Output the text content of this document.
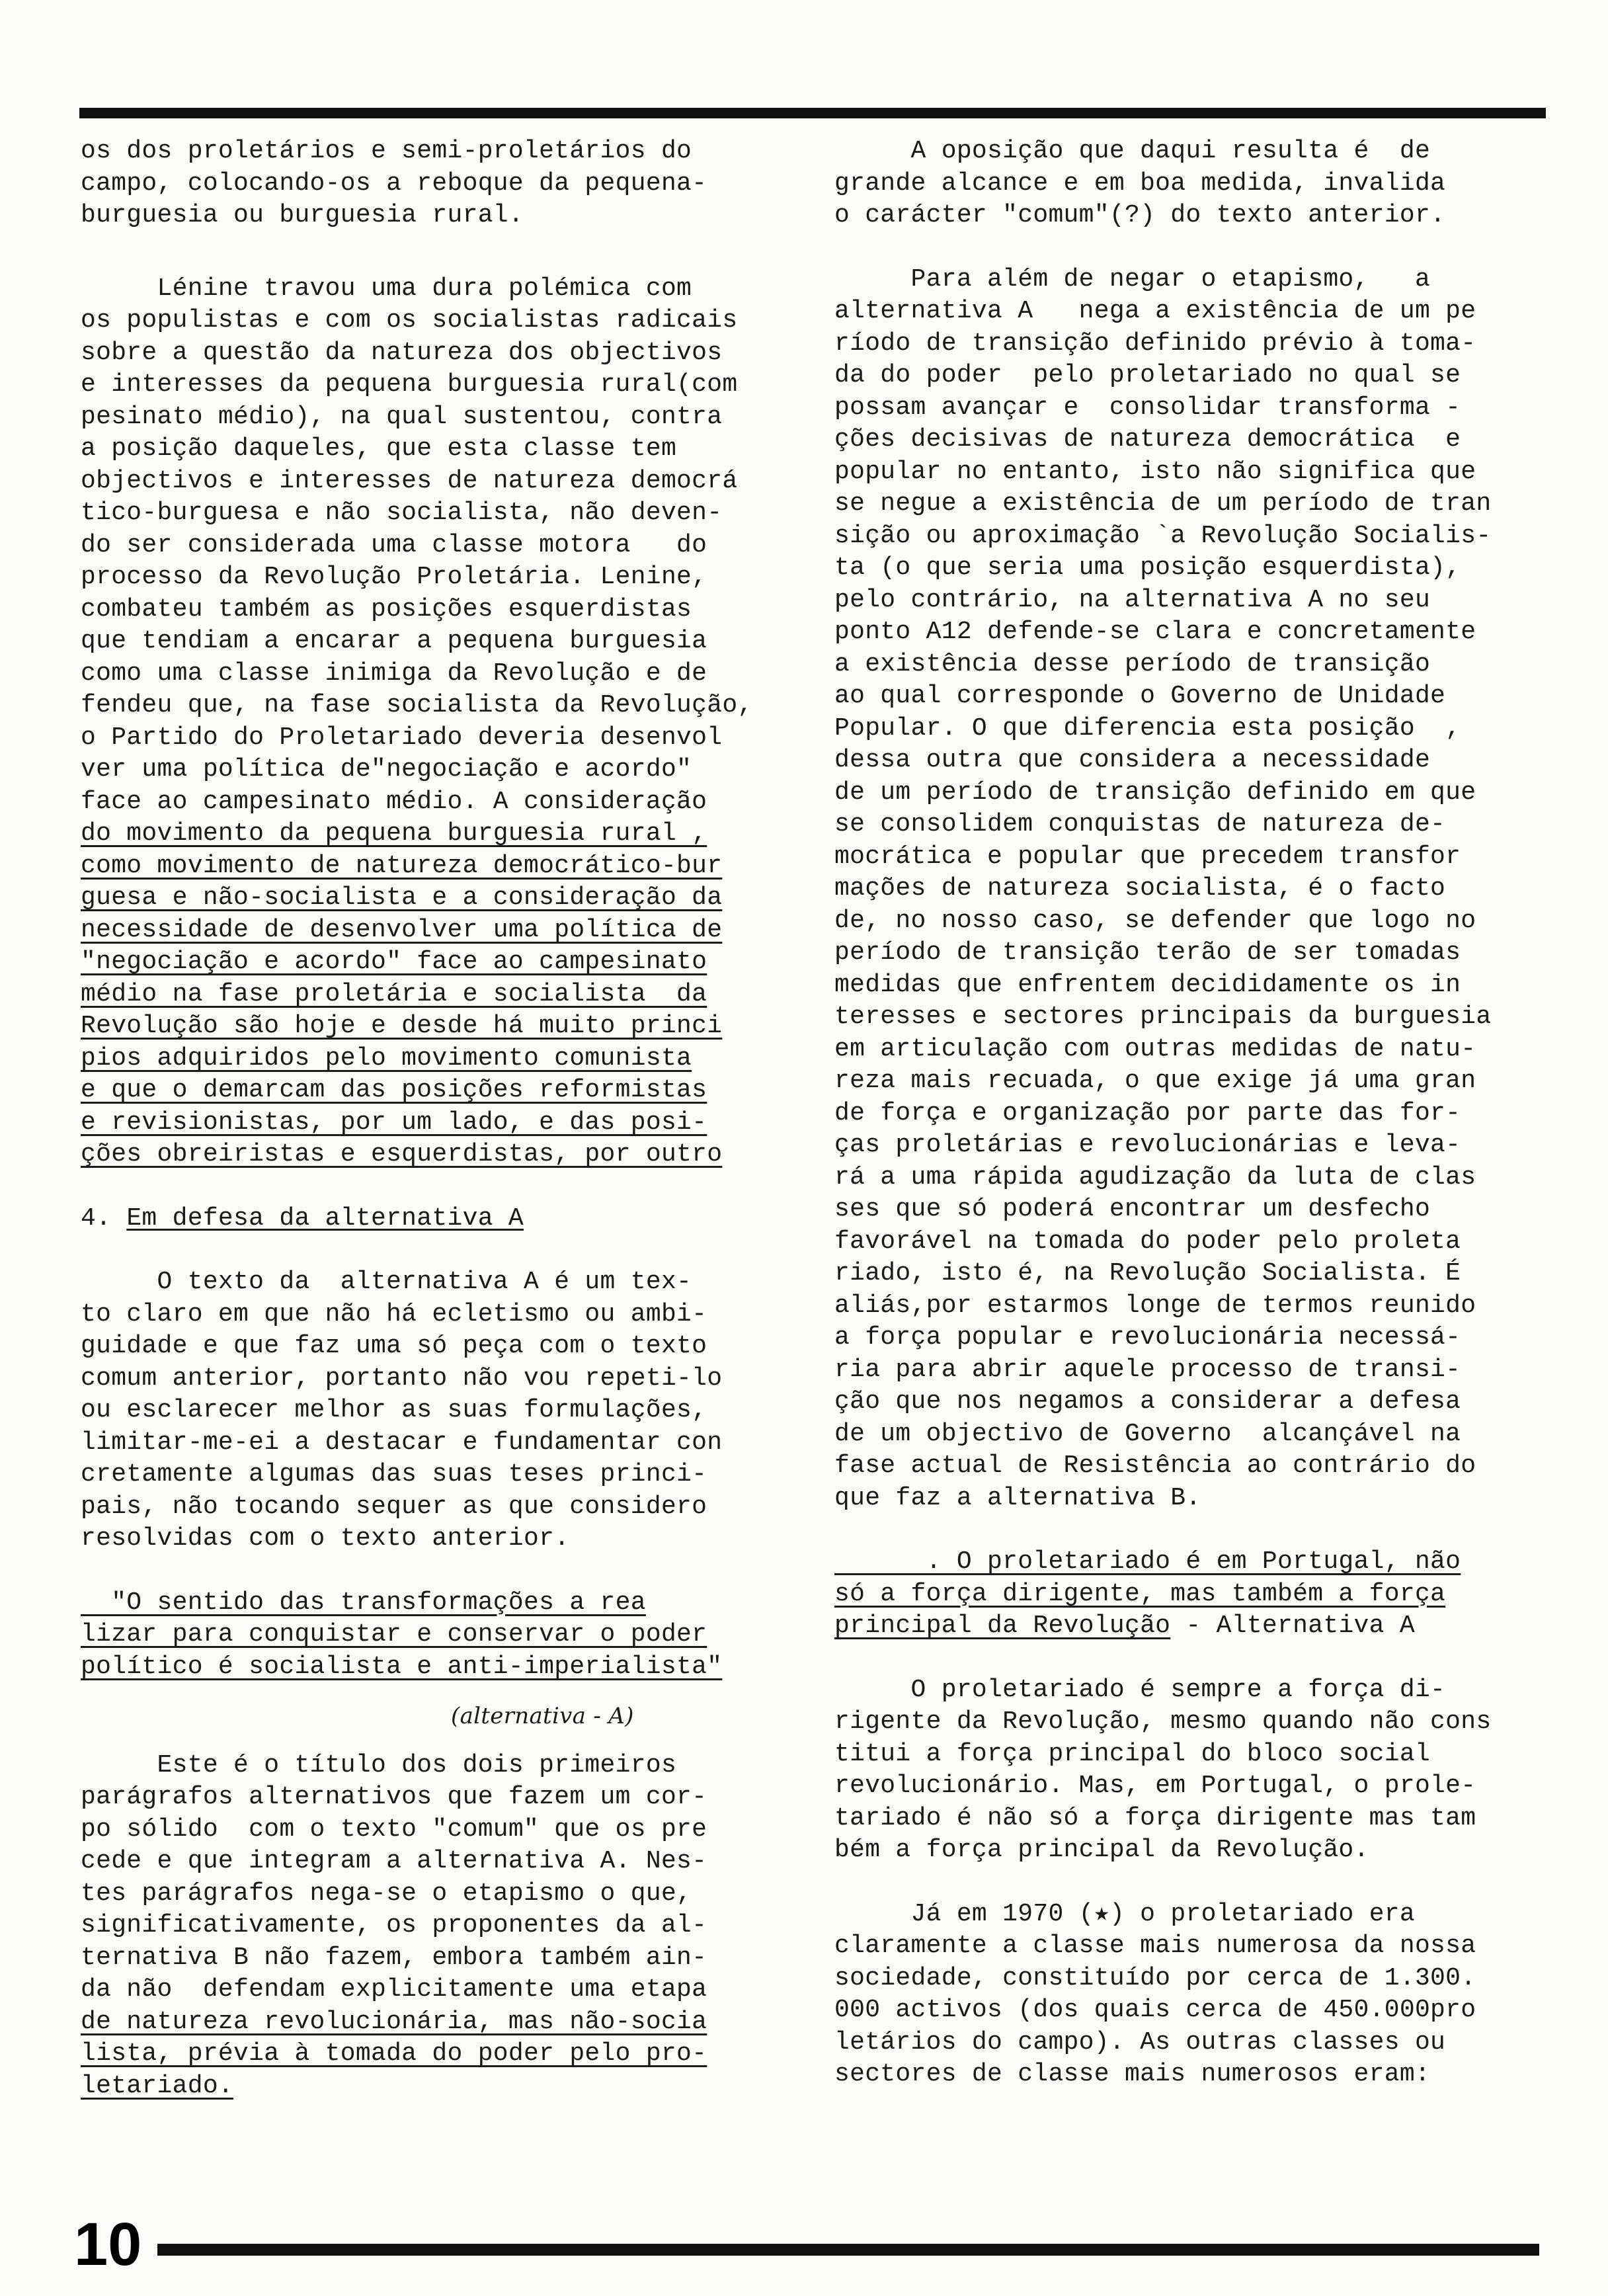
os dos proletários e semi-proletários do
campo, colocando-os a reboque da pequena-
burguesia ou burguesia rural.
Lénine travou uma dura polémica com
os populistas e com os socialistas radicais
sobre a questão da natureza dos objectivos
e interesses da pequena burguesia rural(com
pesinato médio), na qual sustentou, contra
a posição daqueles, que esta classe tem
objectivos e interesses de natureza democrá
tico-burguesa e não socialista, não deven-
do ser considerada uma classe motora   do
processo da Revolução Proletária. Lenine,
combateu também as posições esquerdistas
que tendiam a encarar a pequena burguesia
como uma classe inimiga da Revolução e de
fendeu que, na fase socialista da Revolução,
o Partido do Proletariado deveria desenvol
ver uma política de"negociação e acordo"
face ao campesinato médio. A consideração
do movimento da pequena burguesia rural ,
como movimento de natureza democrático-bur
guesa e não-socialista e a consideração da
necessidade de desenvolver uma política de
"negociação e acordo" face ao campesinato
médio na fase proletária e socialista  da
Revolução são hoje e desde há muito princi
pios adquiridos pelo movimento comunista
e que o demarcam das posições reformistas
e revisionistas, por um lado, e das posi-
ções obreiristas e esquerdistas, por outro
4. Em defesa da alternativa A
O texto da  alternativa A é um tex-
to claro em que não há ecletismo ou ambi-
guidade e que faz uma só peça com o texto
comum anterior, portanto não vou repeti-lo
ou esclarecer melhor as suas formulações,
limitar-me-ei a destacar e fundamentar con
cretamente algumas das suas teses princi-
pais, não tocando sequer as que considero
resolvidas com o texto anterior.
"O sentido das transformações a rea
lizar para conquistar e conservar o poder
político é socialista e anti-imperialista"
(alternativa - A)
Este é o título dos dois primeiros
parágrafos alternativos que fazem um cor-
po sólido  com o texto "comum" que os pre
cede e que integram a alternativa A. Nes-
tes parágrafos nega-se o etapismo o que,
significativamente, os proponentes da al-
ternativa B não fazem, embora também ain-
da não  defendam explicitamente uma etapa
de natureza revolucionária, mas não-socia
lista, prévia à tomada do poder pelo pro-
letariado.
A oposição que daqui resulta é  de
grande alcance e em boa medida, invalida
o carácter "comum"(?) do texto anterior.
Para além de negar o etapismo,   a
alternativa A   nega a existência de um pe
ríodo de transição definido prévio à toma-
da do poder  pelo proletariado no qual se
possam avançar e  consolidar transforma -
ções decisivas de natureza democrática  e
popular no entanto, isto não significa que
se negue a existência de um período de tran
sição ou aproximação `a Revolução Socialis-
ta (o que seria uma posição esquerdista),
pelo contrário, na alternativa A no seu
ponto A12 defende-se clara e concretamente
a existência desse período de transição
ao qual corresponde o Governo de Unidade
Popular. O que diferencia esta posição  ,
dessa outra que considera a necessidade
de um período de transição definido em que
se consolidem conquistas de natureza de-
mocrática e popular que precedem transfor
mações de natureza socialista, é o facto
de, no nosso caso, se defender que logo no
período de transição terão de ser tomadas
medidas que enfrentem decididamente os in
teresses e sectores principais da burguesia
em articulação com outras medidas de natu-
reza mais recuada, o que exige já uma gran
de força e organização por parte das for-
ças proletárias e revolucionárias e leva-
rá a uma rápida agudização da luta de clas
ses que só poderá encontrar um desfecho
favorável na tomada do poder pelo proleta
riado, isto é, na Revolução Socialista. É
aliás,por estarmos longe de termos reunido
a força popular e revolucionária necessá-
ria para abrir aquele processo de transi-
ção que nos negamos a considerar a defesa
de um objectivo de Governo  alcançável na
fase actual de Resistência ao contrário do
que faz a alternativa B.
. O proletariado é em Portugal, não
só a força dirigente, mas também a força
principal da Revolução - Alternativa A
O proletariado é sempre a força di-
rigente da Revolução, mesmo quando não cons
titui a força principal do bloco social
revolucionário. Mas, em Portugal, o prole-
tariado é não só a força dirigente mas tam
bém a força principal da Revolução.
Já em 1970 (★) o proletariado era
claramente a classe mais numerosa da nossa
sociedade, constituído por cerca de 1.300.
000 activos (dos quais cerca de 450.000pro
letários do campo). As outras classes ou
sectores de classe mais numerosos eram:
10
